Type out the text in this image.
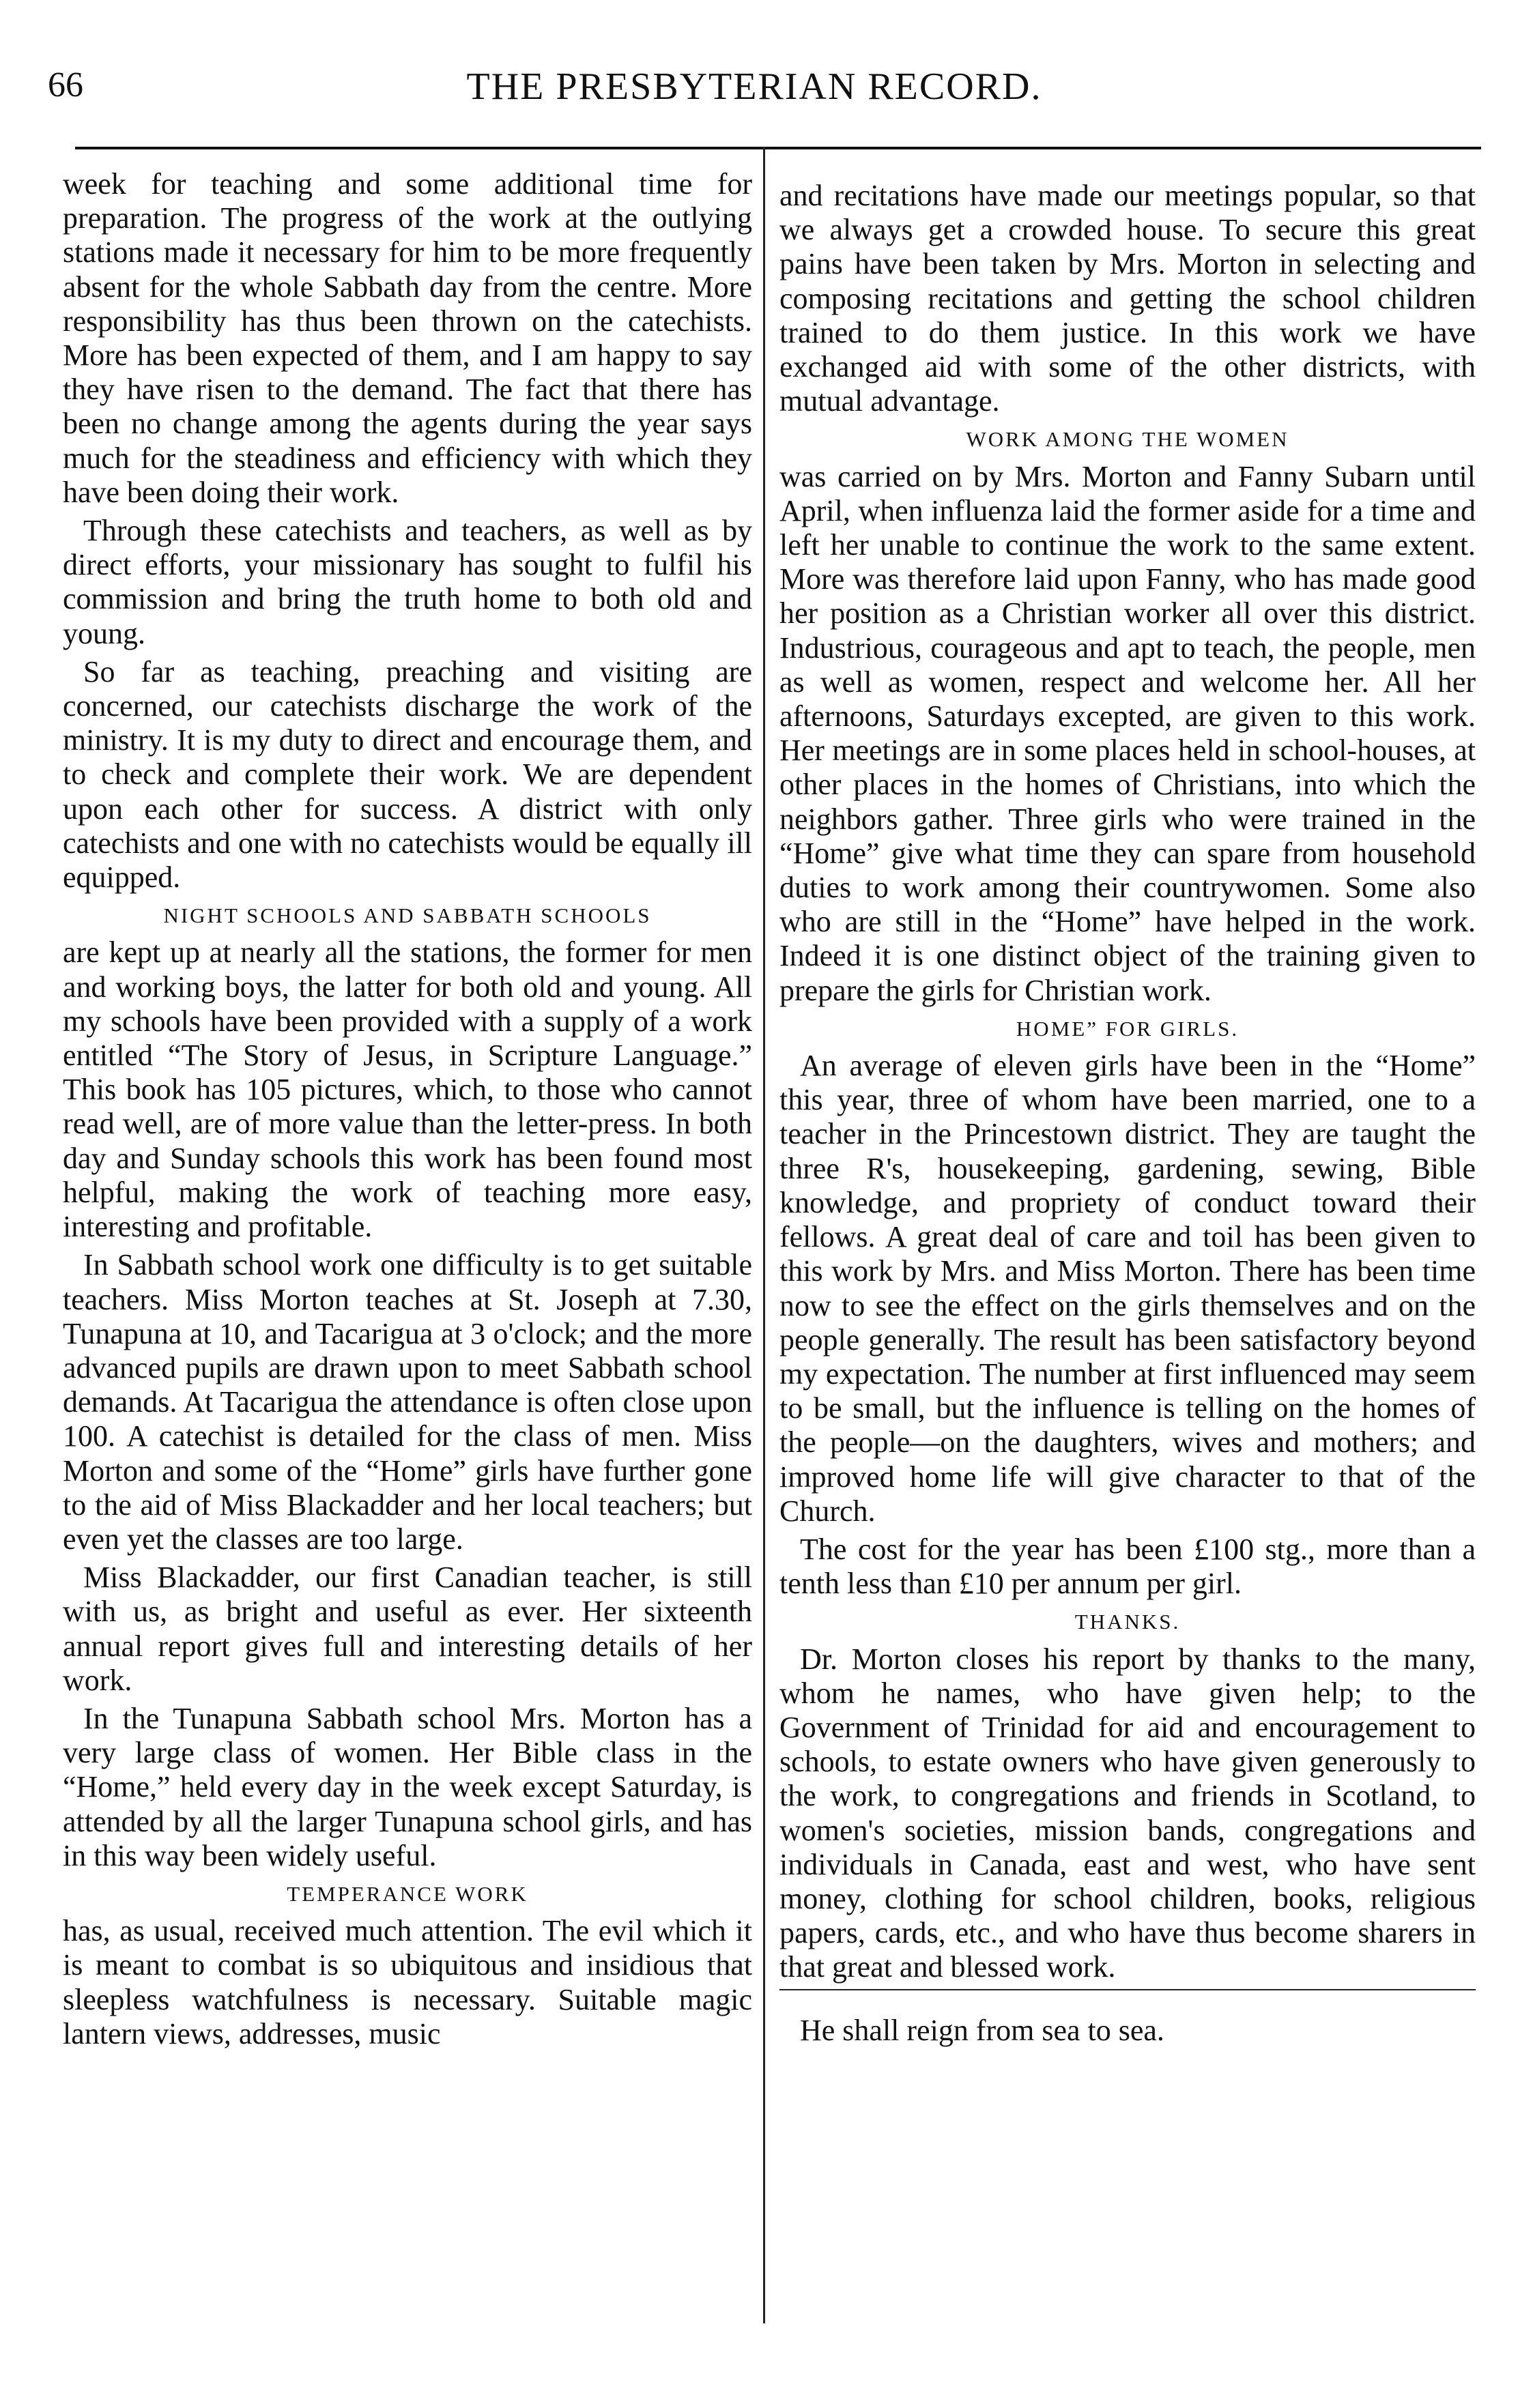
66	THE PRESBYTERIAN RECORD.

week for teaching and some additional time for preparation. The progress of the work at the outlying stations made it necessary for him to be more frequently absent for the whole Sabbath day from the centre. More responsibility has thus been thrown on the catechists. More has been expected of them, and I am happy to say they have risen to the demand. The fact that there has been no change among the agents during the year says much for the steadiness and efficiency with which they have been doing their work.

Through these catechists and teachers, as well as by direct efforts, your missionary has sought to fulfil his commission and bring the truth home to both old and young.

So far as teaching, preaching and visiting are concerned, our catechists discharge the work of the ministry. It is my duty to direct and encourage them, and to check and complete their work. We are dependent upon each other for success. A district with only catechists and one with no catechists would be equally ill equipped.

NIGHT SCHOOLS AND SABBATH SCHOOLS

are kept up at nearly all the stations, the former for men and working boys, the latter for both old and young. All my schools have been provided with a supply of a work entitled “The Story of Jesus, in Scripture Language.” This book has 105 pictures, which, to those who cannot read well, are of more value than the letter-press. In both day and Sunday schools this work has been found most helpful, making the work of teaching more easy, interesting and profitable.

In Sabbath school work one difficulty is to get suitable teachers. Miss Morton teaches at St. Joseph at 7.30, Tunapuna at 10, and Tacarigua at 3 o'clock; and the more advanced pupils are drawn upon to meet Sabbath school demands. At Tacarigua the attendance is often close upon 100. A catechist is detailed for the class of men. Miss Morton and some of the “Home” girls have further gone to the aid of Miss Blackadder and her local teachers; but even yet the classes are too large.

Miss Blackadder, our first Canadian teacher, is still with us, as bright and useful as ever. Her sixteenth annual report gives full and interesting details of her work.

In the Tunapuna Sabbath school Mrs. Morton has a very large class of women. Her Bible class in the “Home,” held every day in the week except Saturday, is attended by all the larger Tunapuna school girls, and has in this way been widely useful.

TEMPERANCE WORK

has, as usual, received much attention. The evil which it is meant to combat is so ubiquitous and insidious that sleepless watchfulness is necessary. Suitable magic lantern views, addresses, music

and recitations have made our meetings popular, so that we always get a crowded house. To secure this great pains have been taken by Mrs. Morton in selecting and composing recitations and getting the school children trained to do them justice. In this work we have exchanged aid with some of the other districts, with mutual advantage.

WORK AMONG THE WOMEN

was carried on by Mrs. Morton and Fanny Subarn until April, when influenza laid the former aside for a time and left her unable to continue the work to the same extent. More was therefore laid upon Fanny, who has made good her position as a Christian worker all over this district. Industrious, courageous and apt to teach, the people, men as well as women, respect and welcome her. All her afternoons, Saturdays excepted, are given to this work. Her meetings are in some places held in school-houses, at other places in the homes of Christians, into which the neighbors gather. Three girls who were trained in the “Home” give what time they can spare from household duties to work among their countrywomen. Some also who are still in the “Home” have helped in the work. Indeed it is one distinct object of the training given to prepare the girls for Christian work.

HOME” FOR GIRLS.

An average of eleven girls have been in the “Home” this year, three of whom have been married, one to a teacher in the Princestown district. They are taught the three R's, housekeeping, gardening, sewing, Bible knowledge, and propriety of conduct toward their fellows. A great deal of care and toil has been given to this work by Mrs. and Miss Morton. There has been time now to see the effect on the girls themselves and on the people generally. The result has been satisfactory beyond my expectation. The number at first influenced may seem to be small, but the influence is telling on the homes of the people—on the daughters, wives and mothers; and improved home life will give character to that of the Church.

The cost for the year has been £100 stg., more than a tenth less than £10 per annum per girl.

THANKS.

Dr. Morton closes his report by thanks to the many, whom he names, who have given help; to the Government of Trinidad for aid and encouragement to schools, to estate owners who have given generously to the work, to congregations and friends in Scotland, to women's societies, mission bands, congregations and individuals in Canada, east and west, who have sent money, clothing for school children, books, religious papers, cards, etc., and who have thus become sharers in that great and blessed work.

He shall reign from sea to sea.
